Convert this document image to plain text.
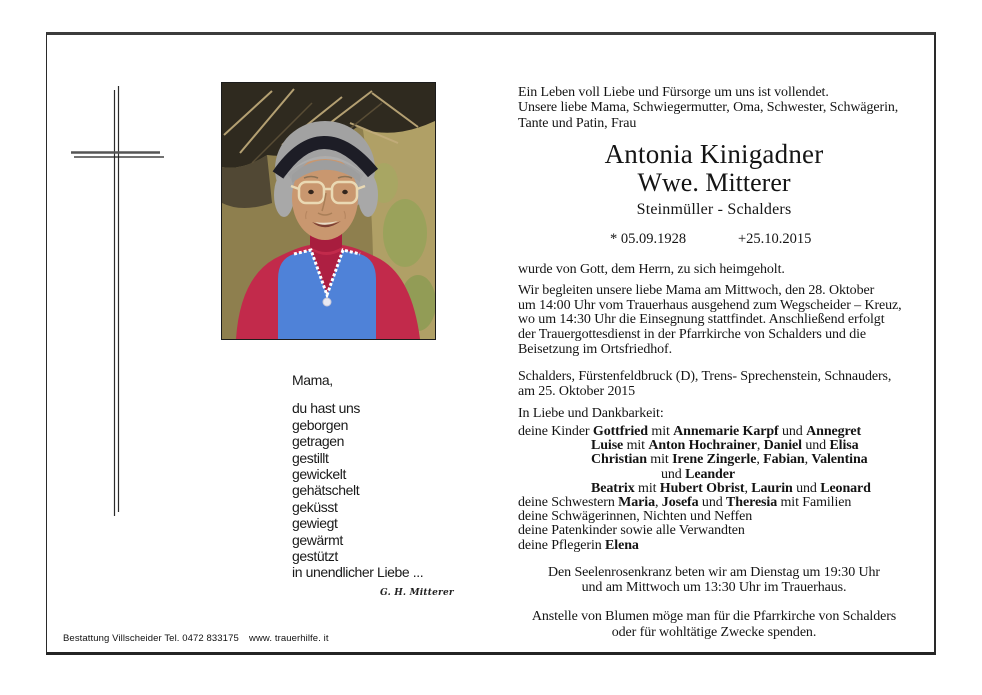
Ein Leben voll Liebe und Fürsorge um uns ist vollendet.
Unsere liebe Mama, Schwiegermutter, Oma, Schwester, Schwägerin,
Tante und Patin, Frau
Antonia Kinigadner
Wwe. Mitterer
Steinmüller - Schalders
* 05.09.1928	+25.10.2015
wurde von Gott, dem Herrn, zu sich heimgeholt.
Wir begleiten unsere liebe Mama am Mittwoch, den 28. Oktober
um 14:00 Uhr vom Trauerhaus ausgehend zum Wegscheider – Kreuz,
wo um 14:30 Uhr die Einsegnung stattfindet. Anschließend erfolgt
der Trauergottesdienst in der Pfarrkirche von Schalders und die
Beisetzung im Ortsfriedhof.
Schalders, Fürstenfeldbruck (D), Trens- Sprechenstein, Schnauders,
am 25. Oktober 2015
In Liebe und Dankbarkeit:
deine Kinder Gottfried mit Annemarie Karpf und Annegret
Luise mit Anton Hochrainer, Daniel und Elisa
Christian mit Irene Zingerle, Fabian, Valentina
und Leander
Beatrix mit Hubert Obrist, Laurin und Leonard
deine Schwestern Maria, Josefa und Theresia mit Familien
deine Schwägerinnen, Nichten und Neffen
deine Patenkinder sowie alle Verwandten
deine Pflegerin Elena
Den Seelenrosenkranz beten wir am Dienstag um 19:30 Uhr
und am Mittwoch um 13:30 Uhr im Trauerhaus.
Anstelle von Blumen möge man für die Pfarrkirche von Schalders
oder für wohltätige Zwecke spenden.
Mama,
du hast uns
geborgen
getragen
gestillt
gewickelt
gehätschelt
geküsst
gewiegt
gewärmt
gestützt
in unendlicher Liebe ...
G. H. Mitterer
Bestattung Villscheider Tel. 0472 833175 www. trauerhilfe. it
